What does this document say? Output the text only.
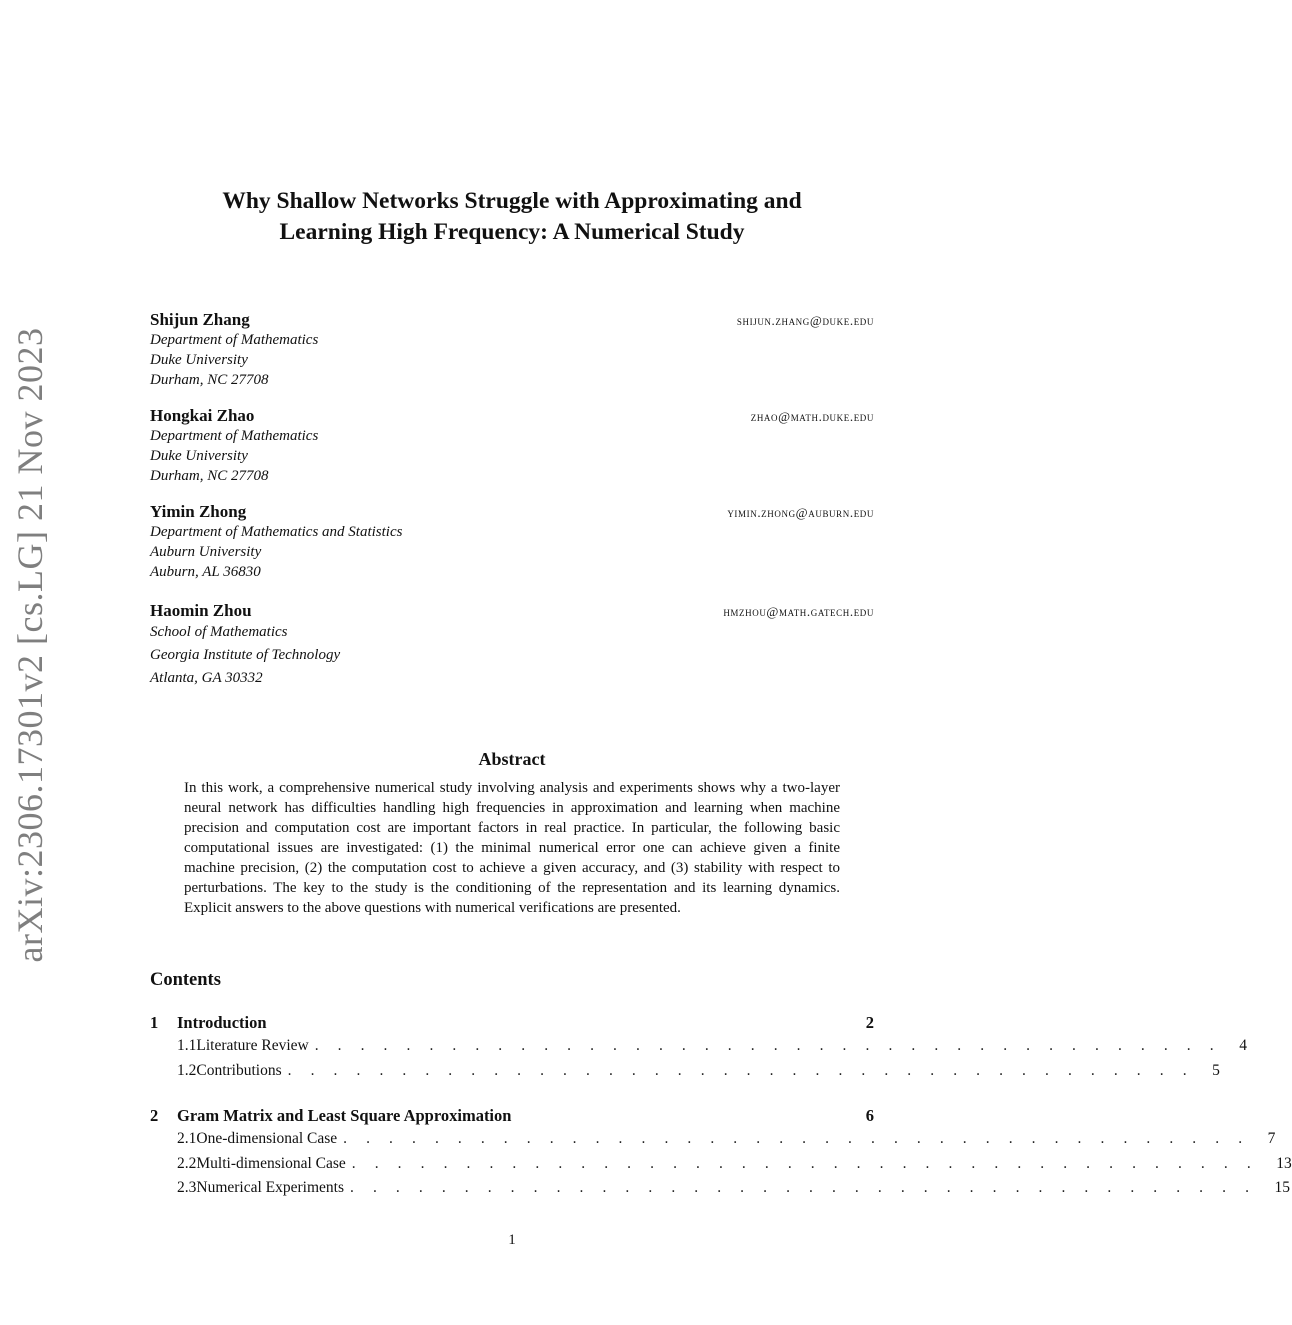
arXiv:2306.17301v2 [cs.LG] 21 Nov 2023
Why Shallow Networks Struggle with Approximating and
Learning High Frequency: A Numerical Study
Shijun Zhang	shijun.zhang@duke.edu
Department of Mathematics
Duke University
Durham, NC 27708
Hongkai Zhao	zhao@math.duke.edu
Department of Mathematics
Duke University
Durham, NC 27708
Yimin Zhong	yimin.zhong@auburn.edu
Department of Mathematics and Statistics
Auburn University
Auburn, AL 36830
Haomin Zhou	hmzhou@math.gatech.edu
School of Mathematics
Georgia Institute of Technology
Atlanta, GA 30332
Abstract
In this work, a comprehensive numerical study involving analysis and experiments shows why a two-layer neural network has difficulties handling high frequencies in approximation and learning when machine precision and computation cost are important factors in real practice. In particular, the following basic computational issues are investigated: (1) the minimal numerical error one can achieve given a finite machine precision, (2) the computation cost to achieve a given accuracy, and (3) stability with respect to perturbations. The key to the study is the conditioning of the representation and its learning dynamics. Explicit answers to the above questions with numerical verifications are presented.
Contents
1	Introduction	2
1.1 Literature Review . . . . . . . . . . . . . . . . . . . . . . . . . . . . . . . . . . . . . . . . 4
1.2 Contributions . . . . . . . . . . . . . . . . . . . . . . . . . . . . . . . . . . . . . . . . 5
2	Gram Matrix and Least Square Approximation	6
2.1 One-dimensional Case . . . . . . . . . . . . . . . . . . . . . . . . . . . . . . . . . . . . . . . . 7
2.2 Multi-dimensional Case . . . . . . . . . . . . . . . . . . . . . . . . . . . . . . . . . . . . . . . . 13
2.3 Numerical Experiments . . . . . . . . . . . . . . . . . . . . . . . . . . . . . . . . . . . . . . . . 15
1
